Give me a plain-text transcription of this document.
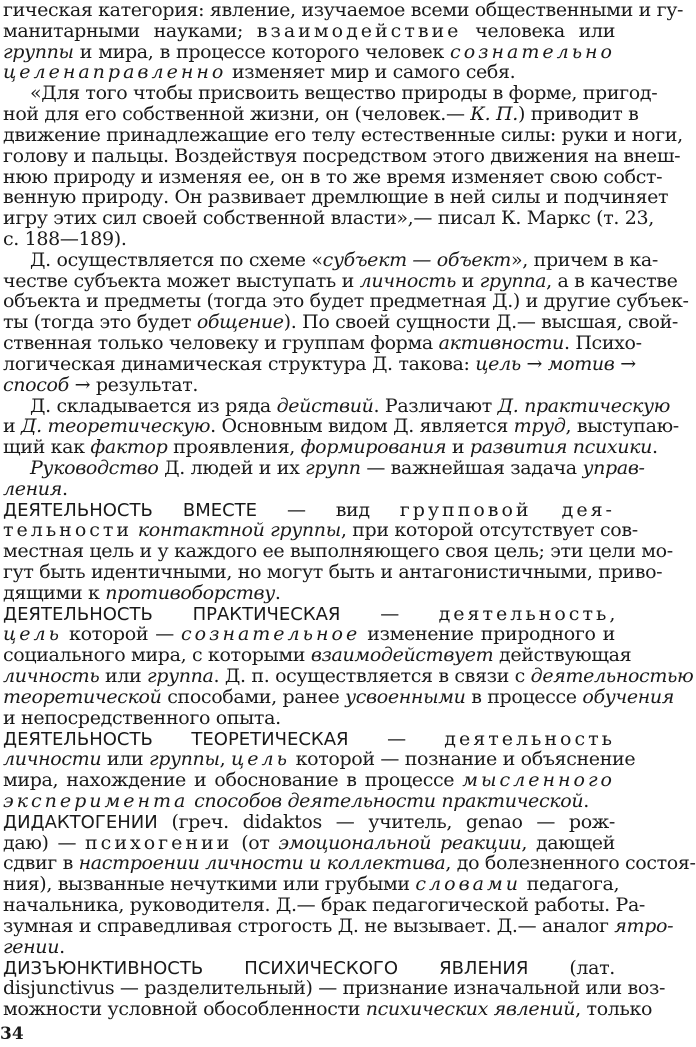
34
гическая категория: явление, изучаемое всеми общественными и гу-
манитарными науками; взаимодействие человека или
группы и мира, в процессе которого человек сознательно
целенаправленно изменяет мир и самого себя.
«Для того чтобы присвоить вещество природы в форме, пригод-
ной для его собственной жизни, он (человек.— К. П.) приводит в
движение принадлежащие его телу естественные силы: руки и ноги,
голову и пальцы. Воздействуя посредством этого движения на внеш-
нюю природу и изменяя ее, он в то же время изменяет свою собст-
венную природу. Он развивает дремлющие в ней силы и подчиняет
игру этих сил своей собственной власти»,— писал К. Маркс (т. 23,
с. 188—189).
Д. осуществляется по схеме «субъект — объект», причем в ка-
честве субъекта может выступать и личность и группа, а в качестве
объекта и предметы (тогда это будет предметная Д.) и другие субъек-
ты (тогда это будет общение). По своей сущности Д.— высшая, свой-
ственная только человеку и группам форма активности. Психо-
логическая динамическая структура Д. такова: цель → мотив →
способ → результат.
Д. складывается из ряда действий. Различают Д. практическую
и Д. теоретическую. Основным видом Д. является труд, выступаю-
щий как фактор проявления, формирования и развития психики.
Руководство Д. людей и их групп — важнейшая задача управ-
ления.
ДЕЯТЕЛЬНОСТЬ ВМЕСТЕ — вид групповой дея-
тельности контактной группы, при которой отсутствует сов-
местная цель и у каждого ее выполняющего своя цель; эти цели мо-
гут быть идентичными, но могут быть и антагонистичными, приво-
дящими к противоборству.
ДЕЯТЕЛЬНОСТЬ ПРАКТИЧЕСКАЯ — деятельность,
цель которой — сознательное изменение природного и
социального мира, с которыми взаимодействует действующая
личность или группа. Д. п. осуществляется в связи с деятельностью
теоретической способами, ранее усвоенными в процессе обучения
и непосредственного опыта.
ДЕЯТЕЛЬНОСТЬ ТЕОРЕТИЧЕСКАЯ — деятельность
личности или группы, цель которой — познание и объяснение
мира, нахождение и обоснование в процессе мысленного
эксперимента способов деятельности практической.
ДИДАКТОГЕНИИ (греч. didaktos — учитель, genao — рож-
даю) — психогении (от эмоциональной реакции, дающей
сдвиг в настроении личности и коллектива, до болезненного состоя-
ния), вызванные нечуткими или грубыми словами педагога,
начальника, руководителя. Д.— брак педагогической работы. Ра-
зумная и справедливая строгость Д. не вызывает. Д.— аналог ятро-
гении.
ДИЗЪЮНКТИВНОСТЬ ПСИХИЧЕСКОГО ЯВЛЕНИЯ (лат.
disjunctivus — разделительный) — признание изначальной или воз-
можности условной обособленности психических явлений, только
